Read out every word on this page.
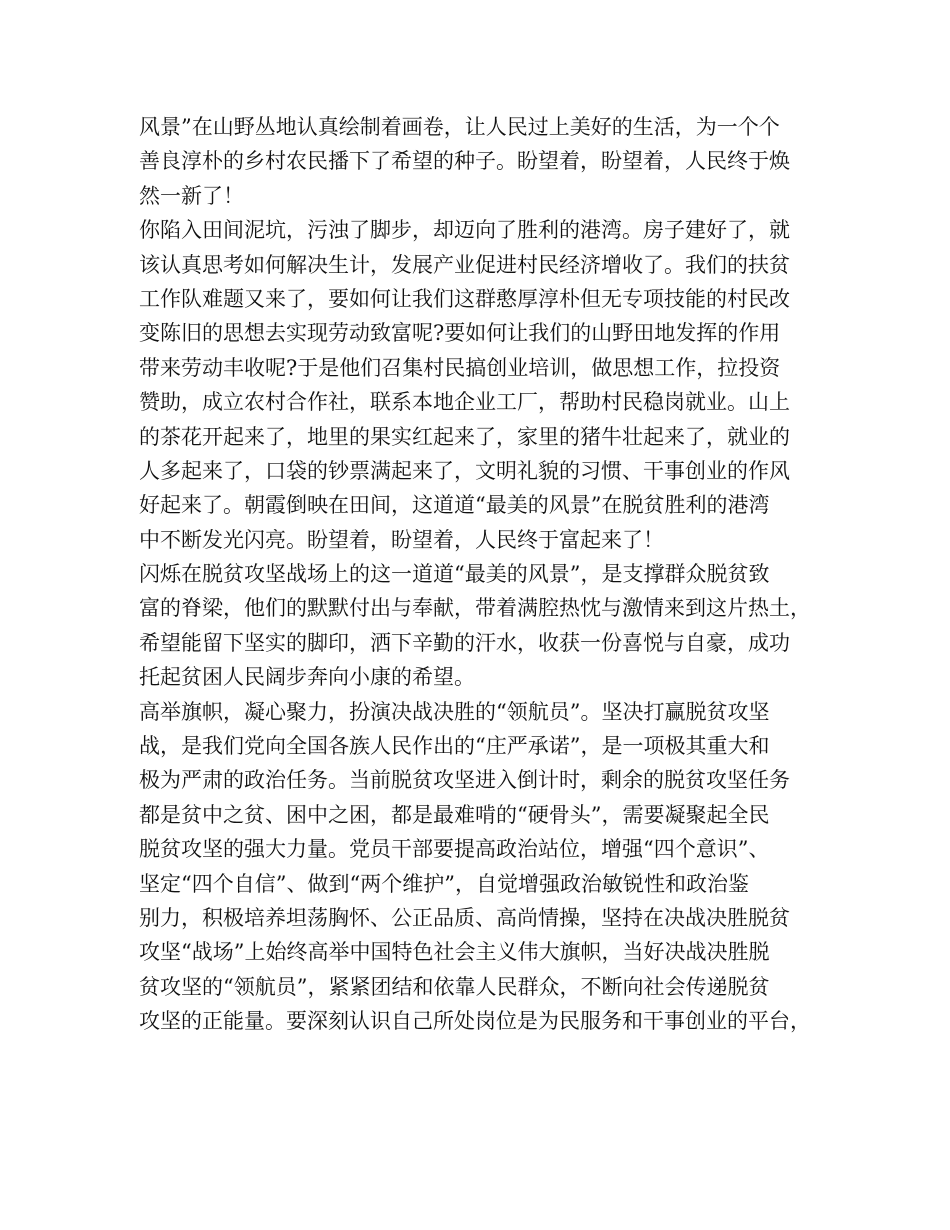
风景”在山野丛地认真绘制着画卷，让人民过上美好的生活，为一个个
善良淳朴的乡村农民播下了希望的种子。盼望着，盼望着，人民终于焕
然一新了！
你陷入田间泥坑，污浊了脚步，却迈向了胜利的港湾。房子建好了，就
该认真思考如何解决生计，发展产业促进村民经济增收了。我们的扶贫
工作队难题又来了，要如何让我们这群憨厚淳朴但无专项技能的村民改
变陈旧的思想去实现劳动致富呢?要如何让我们的山野田地发挥的作用
带来劳动丰收呢?于是他们召集村民搞创业培训，做思想工作，拉投资
赞助，成立农村合作社，联系本地企业工厂，帮助村民稳岗就业。山上
的茶花开起来了，地里的果实红起来了，家里的猪牛壮起来了，就业的
人多起来了，口袋的钞票满起来了，文明礼貌的习惯、干事创业的作风
好起来了。朝霞倒映在田间，这道道“最美的风景”在脱贫胜利的港湾
中不断发光闪亮。盼望着，盼望着，人民终于富起来了！
闪烁在脱贫攻坚战场上的这一道道“最美的风景”，是支撑群众脱贫致
富的脊梁，他们的默默付出与奉献，带着满腔热忱与激情来到这片热土，
希望能留下坚实的脚印，洒下辛勤的汗水，收获一份喜悦与自豪，成功
托起贫困人民阔步奔向小康的希望。
高举旗帜，凝心聚力，扮演决战决胜的“领航员”。坚决打赢脱贫攻坚
战，是我们党向全国各族人民作出的“庄严承诺”，是一项极其重大和
极为严肃的政治任务。当前脱贫攻坚进入倒计时，剩余的脱贫攻坚任务
都是贫中之贫、困中之困，都是最难啃的“硬骨头”，需要凝聚起全民
脱贫攻坚的强大力量。党员干部要提高政治站位，增强“四个意识”、
坚定“四个自信”、做到“两个维护”，自觉增强政治敏锐性和政治鉴
别力，积极培养坦荡胸怀、公正品质、高尚情操，坚持在决战决胜脱贫
攻坚“战场”上始终高举中国特色社会主义伟大旗帜，当好决战决胜脱
贫攻坚的“领航员”，紧紧团结和依靠人民群众，不断向社会传递脱贫
攻坚的正能量。要深刻认识自己所处岗位是为民服务和干事创业的平台，
